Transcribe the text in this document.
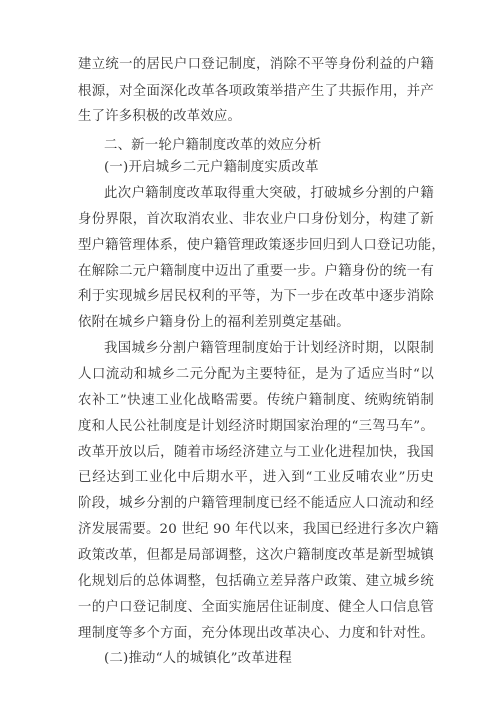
建立统一的居民户口登记制度，消除不平等身份利益的户籍
根源，对全面深化改革各项政策举措产生了共振作用，并产
生了许多积极的改革效应。
二、新一轮户籍制度改革的效应分析
(一)开启城乡二元户籍制度实质改革
此次户籍制度改革取得重大突破，打破城乡分割的户籍
身份界限，首次取消农业、非农业户口身份划分，构建了新
型户籍管理体系，使户籍管理政策逐步回归到人口登记功能，
在解除二元户籍制度中迈出了重要一步。户籍身份的统一有
利于实现城乡居民权利的平等，为下一步在改革中逐步消除
依附在城乡户籍身份上的福利差别奠定基础。
我国城乡分割户籍管理制度始于计划经济时期，以限制
人口流动和城乡二元分配为主要特征，是为了适应当时“以
农补工”快速工业化战略需要。传统户籍制度、统购统销制
度和人民公社制度是计划经济时期国家治理的“三驾马车”。
改革开放以后，随着市场经济建立与工业化进程加快，我国
已经达到工业化中后期水平，进入到“工业反哺农业”历史
阶段，城乡分割的户籍管理制度已经不能适应人口流动和经
济发展需要。20 世纪 90 年代以来，我国已经进行多次户籍
政策改革，但都是局部调整，这次户籍制度改革是新型城镇
化规划后的总体调整，包括确立差异落户政策、建立城乡统
一的户口登记制度、全面实施居住证制度、健全人口信息管
理制度等多个方面，充分体现出改革决心、力度和针对性。
(二)推动“人的城镇化”改革进程
